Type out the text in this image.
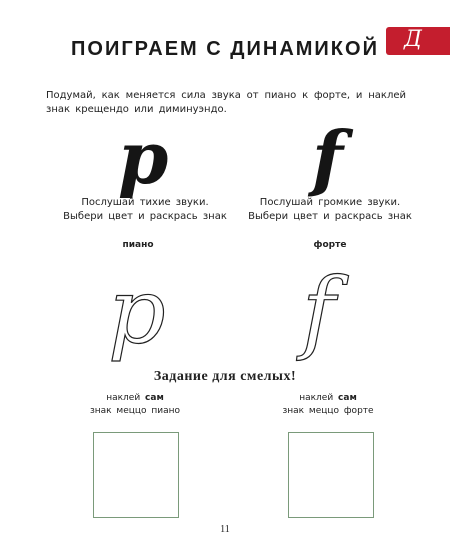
ПОИГРАЕМ С ДИНАМИКОЙ	Д
Подумай, как меняется сила звука от пиано к форте, и наклей знак крещендо или диминуэндо.
p f
Послушай тихие звуки.
Выбери цвет и раскрась знак
Послушай громкие звуки.
Выбери цвет и раскрась знак
пиано	форте
p f
Задание для смелых!
наклей сам
знак меццо пиано
наклей сам
знак меццо форте
11
